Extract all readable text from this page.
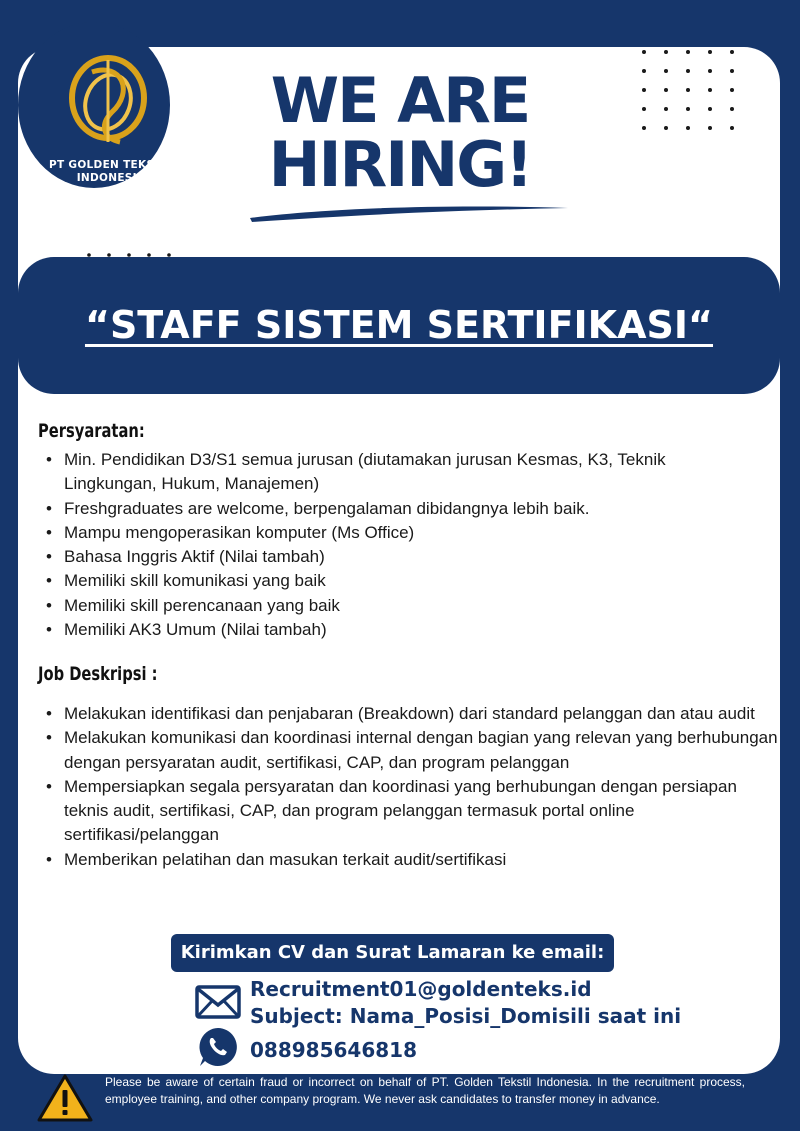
PT GOLDEN TEKSTIL
INDONESIA
WE ARE
HIRING!
“STAFF SISTEM SERTIFIKASI“
Persyaratan:
• Min. Pendidikan D3/S1 semua jurusan (diutamakan jurusan Kesmas, K3, Teknik Lingkungan, Hukum, Manajemen)
• Freshgraduates are welcome, berpengalaman dibidangnya lebih baik.
• Mampu mengoperasikan komputer (Ms Office)
• Bahasa Inggris Aktif (Nilai tambah)
• Memiliki skill komunikasi yang baik
• Memiliki skill perencanaan yang baik
• Memiliki AK3 Umum (Nilai tambah)
Job Deskripsi :
• Melakukan identifikasi dan penjabaran (Breakdown) dari standard pelanggan dan atau audit
• Melakukan komunikasi dan koordinasi internal dengan bagian yang relevan yang berhubungan dengan persyaratan audit, sertifikasi, CAP, dan program pelanggan
• Mempersiapkan segala persyaratan dan koordinasi yang berhubungan dengan persiapan teknis audit, sertifikasi, CAP, dan program pelanggan termasuk portal online sertifikasi/pelanggan
• Memberikan pelatihan dan masukan terkait audit/sertifikasi
Kirimkan CV dan Surat Lamaran ke email:
Recruitment01@goldenteks.id
Subject: Nama_Posisi_Domisili saat ini
088985646818
Please be aware of certain fraud or incorrect on behalf of PT. Golden Tekstil Indonesia. In the recruitment process, employee training, and other company program. We never ask candidates to transfer money in advance.
